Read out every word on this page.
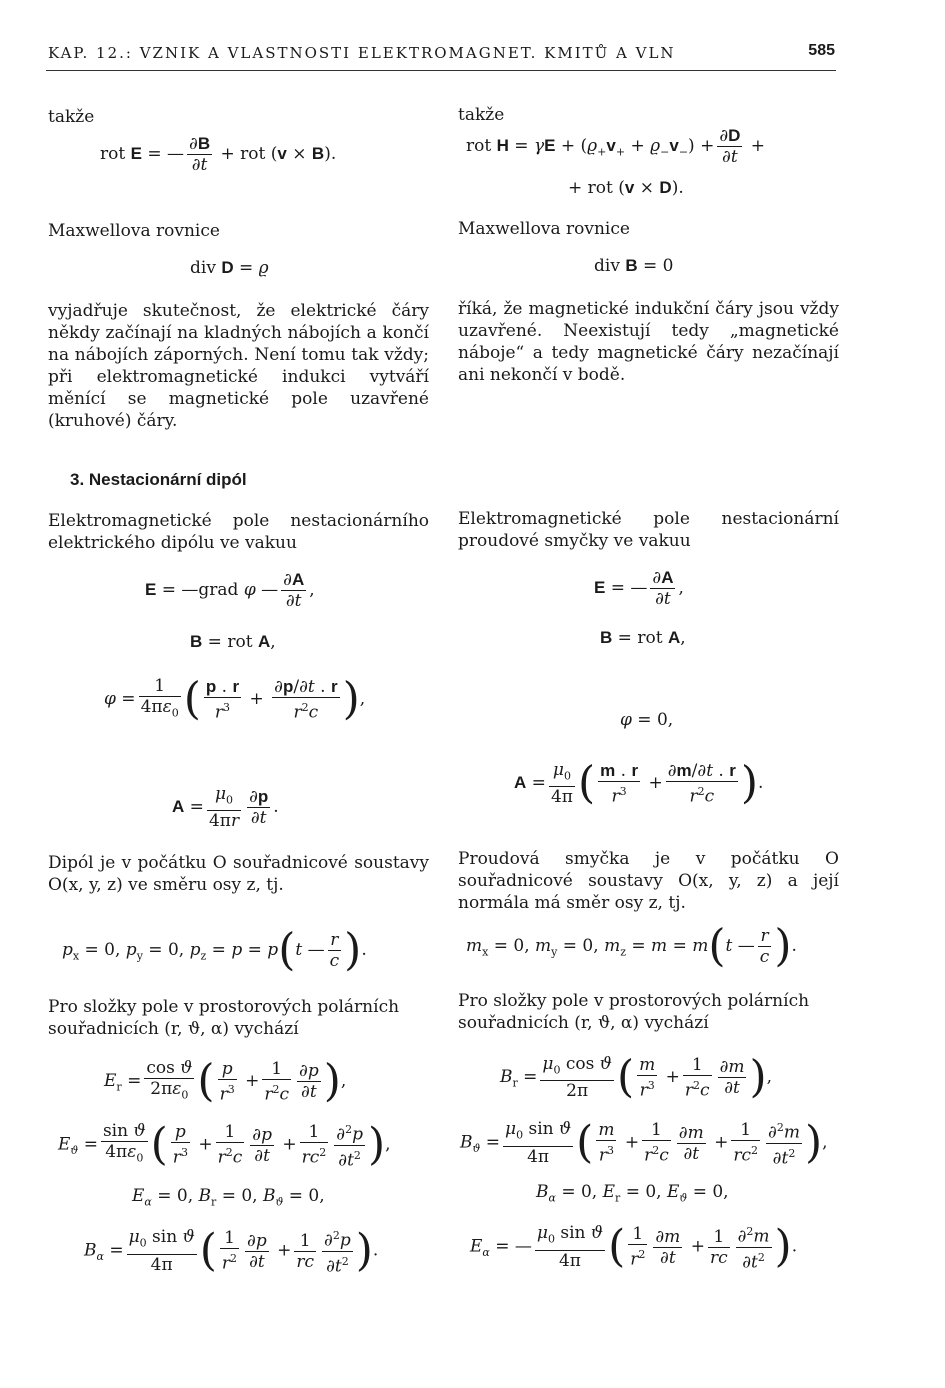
KAP. 12.: VZNIK A VLASTNOSTI ELEKTROMAGNET. KMITŮ A VLN	585
takže
rot E = — $\frac{\partial B}{\partial t}$ + rot (v × B).
Maxwellova rovnice
div D = ϱ
vyjadřuje skutečnost, že elektrické čáry někdy začínají na kladných nábojích a končí na nábojích záporných. Není tomu tak vždy; při elektromagnetické indukci vytváří měnící se magnetické pole uzavřené (kruhové) čáry.
3. Nestacionární dipól
Elektromagnetické pole nestacionárního elektrického dipólu ve vakuu
E = —grad φ — $\frac{\partial A}{\partial t}$ ,
B = rot A,
$\varphi = \frac{1}{4\pi\varepsilon_0}$ ( $\frac{p . r}{r^3} + \frac{\partial p/\partial t . r}{r^2c}$ ),
$A = \frac{\mu_0}{4\pi r} \frac{\partial p}{\partial t}$ .
Dipól je v počátku O souřadnicové soustavy O(x, y, z) ve směru osy z, tj.
$p_x = 0$, $p_y = 0$, $p_z = p = p(t$ — $\frac{r}{c}$ ).
Pro složky pole v prostorových polárních souřadnicích (r, ϑ, α) vychází
$E_r = \frac{\text{cos ϑ}}{2\pi\varepsilon_0}$ ( $\frac{p}{r^3} + \frac{1}{r^2c} \frac{\partial p}{\partial t}$ ),
$E_ϑ = \frac{\text{sin ϑ}}{4\pi\varepsilon_0}$ ( $\frac{p}{r^3} + \frac{1}{r^2c} \frac{\partial p}{\partial t} + \frac{1}{rc^2} \frac{\partial^2p}{\partial t^2}$ ),
$E_\alpha = 0$, $B_r = 0$, $B_ϑ = 0$,
$B_\alpha = \frac{\mu_0 \sin ϑ}{4\pi}$ ( $\frac{1}{r^2} \frac{\partial p}{\partial t} + \frac{1}{rc} \frac{\partial^2p}{\partial t^2}$ ).
takže
rot $H = \gamma E + (ϱ_+v_+ + ϱ_-v_-) + \frac{\partial D}{\partial t}$ +
+ rot (v × D).
Maxwellova rovnice
div B = 0
říká, že magnetické indukční čáry jsou vždy uzavřené. Neexistují tedy „magnetické náboje“ a tedy magnetické čáry nezačínají ani nekončí v bodě.
Elektromagnetické pole nestacionární proudové smyčky ve vakuu
E = — $\frac{\partial A}{\partial t}$ ,
B = rot A,
φ = 0,
$A = \frac{\mu_0}{4\pi}$ ( $\frac{m . r}{r^3} + \frac{\partial m/\partial t . r}{r^2c}$ ).
Proudová smyčka je v počátku O souřadnicové soustavy O(x, y, z) a její normála má směr osy z, tj.
$m_x = 0$, $m_y = 0$, $m_z = m = m(t$ — $\frac{r}{c}$ ).
Pro složky pole v prostorových polárních souřadnicích (r, ϑ, α) vychází
$B_r = \frac{\mu_0 \cos ϑ}{2\pi}$ ( $\frac{m}{r^3} + \frac{1}{r^2c} \frac{\partial m}{\partial t}$ ),
$B_ϑ = \frac{\mu_0 \sin ϑ}{4\pi}$ ( $\frac{m}{r^3} + \frac{1}{r^2c} \frac{\partial m}{\partial t} + \frac{1}{rc^2} \frac{\partial^2m}{\partial t^2}$ ),
$B_\alpha = 0$, $E_r = 0$, $E_ϑ = 0$,
$E_\alpha$ = — $\frac{\mu_0 \sin ϑ}{4\pi}$ ( $\frac{1}{r^2} \frac{\partial m}{\partial t} + \frac{1}{rc} \frac{\partial^2m}{\partial t^2}$ ).
